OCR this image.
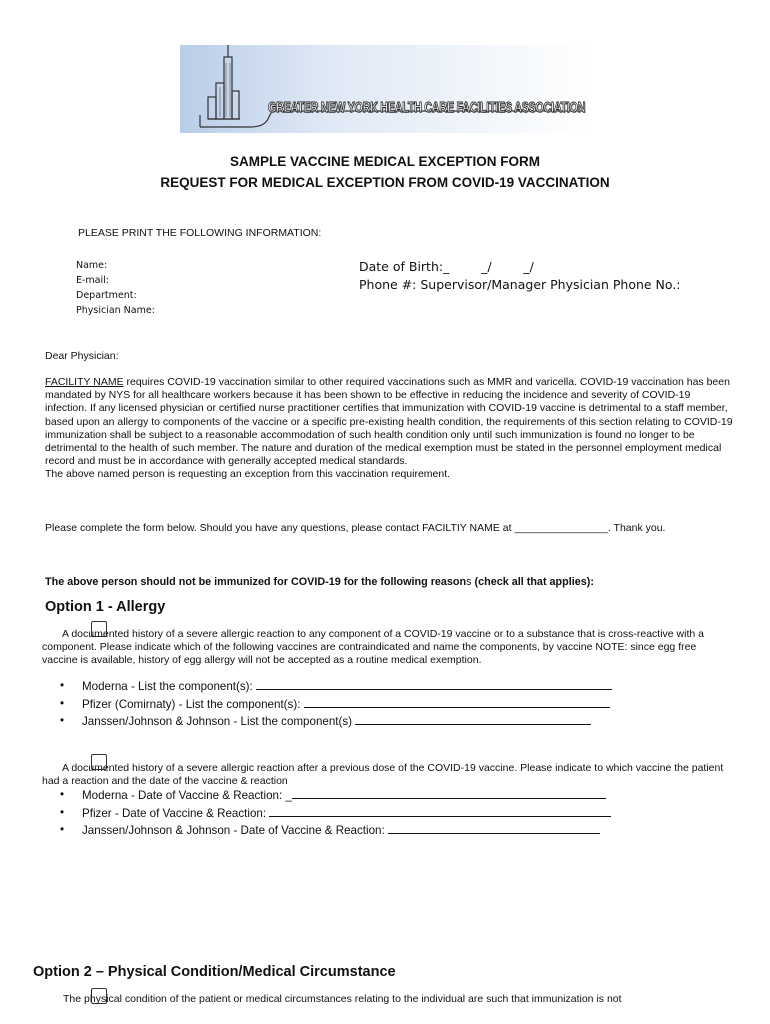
GREATER NEW YORK HEALTH CARE FACILITIES ASSOCIATION
SAMPLE VACCINE MEDICAL EXCEPTION FORM
REQUEST FOR MEDICAL EXCEPTION FROM COVID-19 VACCINATION
PLEASE PRINT THE FOLLOWING INFORMATION:
Name:
E-mail:
Department:
Physician Name:
Date of Birth:_        _/        _/
Phone #: Supervisor/Manager Physician Phone No.:
Dear Physician:
FACILITY NAME requires COVID-19 vaccination similar to other required vaccinations such as MMR and varicella. COVID-19 vaccination has been mandated by NYS for all healthcare workers because it has been shown to be effective in reducing the incidence and severity of COVID-19 infection. If any licensed physician or certified nurse practitioner certifies that immunization with COVID-19 vaccine is detrimental to a staff member, based upon an allergy to components of the vaccine or a specific pre-existing health condition, the requirements of this section relating to COVID-19 immunization shall be subject to a reasonable accommodation of such health condition only until such immunization is found no longer to be detrimental to the health of such member. The nature and duration of the medical exemption must be stated in the personnel employment medical record and must be in accordance with generally accepted medical standards.
The above named person is requesting an exception from this vaccination requirement.
Please complete the form below. Should you have any questions, please contact FACILTIY NAME at ________________. Thank you.
The above person should not be immunized for COVID-19 for the following reasons (check all that applies):
Option 1 - Allergy
A documented history of a severe allergic reaction to any component of a COVID-19 vaccine or to a substance that is cross-reactive with a component. Please indicate which of the following vaccines are contraindicated and name the components, by vaccine NOTE: since egg free vaccine is available, history of egg allergy will not be accepted as a routine medical exemption.
• Moderna - List the component(s):
• Pfizer (Comirnaty) - List the component(s):
• Janssen/Johnson & Johnson - List the component(s)
A documented history of a severe allergic reaction after a previous dose of the COVID-19 vaccine. Please indicate to which vaccine the patient had a reaction and the date of the vaccine & reaction
• Moderna - Date of Vaccine & Reaction: _
• Pfizer - Date of Vaccine & Reaction:
• Janssen/Johnson & Johnson - Date of Vaccine & Reaction:
Option 2 – Physical Condition/Medical Circumstance
The physical condition of the patient or medical circumstances relating to the individual are such that immunization is not
